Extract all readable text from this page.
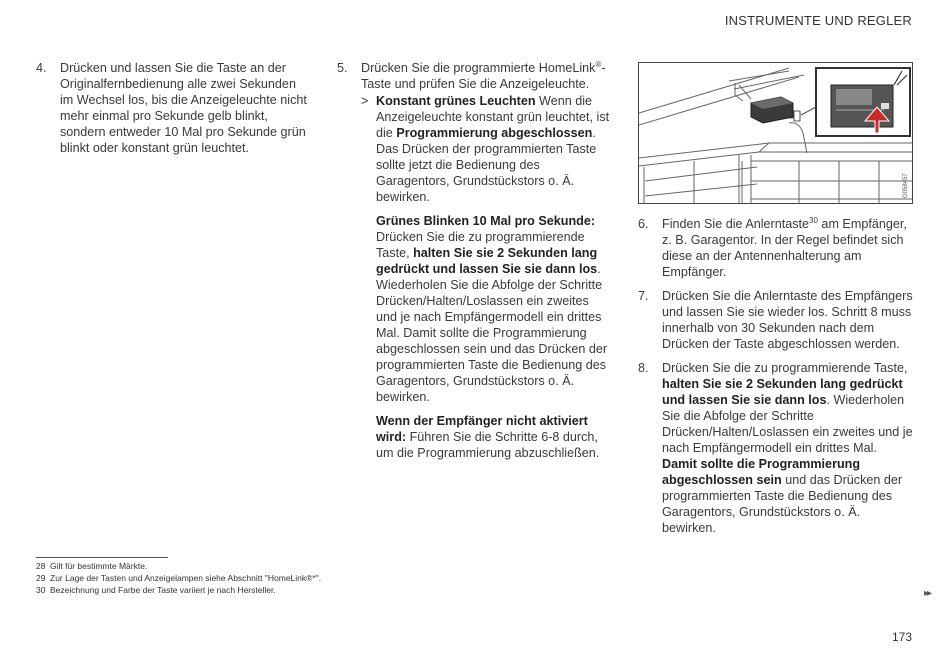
INSTRUMENTE UND REGLER
4. Drücken und lassen Sie die Taste an der Originalfernbedienung alle zwei Sekunden im Wechsel los, bis die Anzeigeleuchte nicht mehr einmal pro Sekunde gelb blinkt, sondern entweder 10 Mal pro Sekunde grün blinkt oder konstant grün leuchtet.
5. Drücken Sie die programmierte HomeLink®-Taste und prüfen Sie die Anzeigeleuchte.
> Konstant grünes Leuchten Wenn die Anzeigeleuchte konstant grün leuchtet, ist die Programmierung abgeschlossen. Das Drücken der programmierten Taste sollte jetzt die Bedienung des Garagentors, Grundstückstors o. Ä. bewirken.
Grünes Blinken 10 Mal pro Sekunde: Drücken Sie die zu programmierende Taste, halten Sie sie 2 Sekunden lang gedrückt und lassen Sie sie dann los. Wiederholen Sie die Abfolge der Schritte Drücken/Halten/Loslassen ein zweites und je nach Empfängermodell ein drittes Mal. Damit sollte die Programmierung abgeschlossen sein und das Drücken der programmierten Taste die Bedienung des Garagentors, Grundstückstors o. Ä. bewirken.
Wenn der Empfänger nicht aktiviert wird: Führen Sie die Schritte 6-8 durch, um die Programmierung abzuschließen.
G058457
6. Finden Sie die Anlerntaste$^{30}$ am Empfänger, z. B. Garagentor. In der Regel befindet sich diese an der Antennenhalterung am Empfänger.
7. Drücken Sie die Anlerntaste des Empfängers und lassen Sie sie wieder los. Schritt 8 muss innerhalb von 30 Sekunden nach dem Drücken der Taste abgeschlossen werden.
8. Drücken Sie die zu programmierende Taste, halten Sie sie 2 Sekunden lang gedrückt und lassen Sie sie dann los. Wiederholen Sie die Abfolge der Schritte Drücken/Halten/Loslassen ein zweites und je nach Empfängermodell ein drittes Mal. Damit sollte die Programmierung abgeschlossen sein und das Drücken der programmierten Taste die Bedienung des Garagentors, Grundstückstors o. Ä. bewirken.
28 Gilt für bestimmte Märkte.
29 Zur Lage der Tasten und Anzeigelampen siehe Abschnitt "HomeLink®*".
30 Bezeichnung und Farbe der Taste variiert je nach Hersteller.	▸▸
173
